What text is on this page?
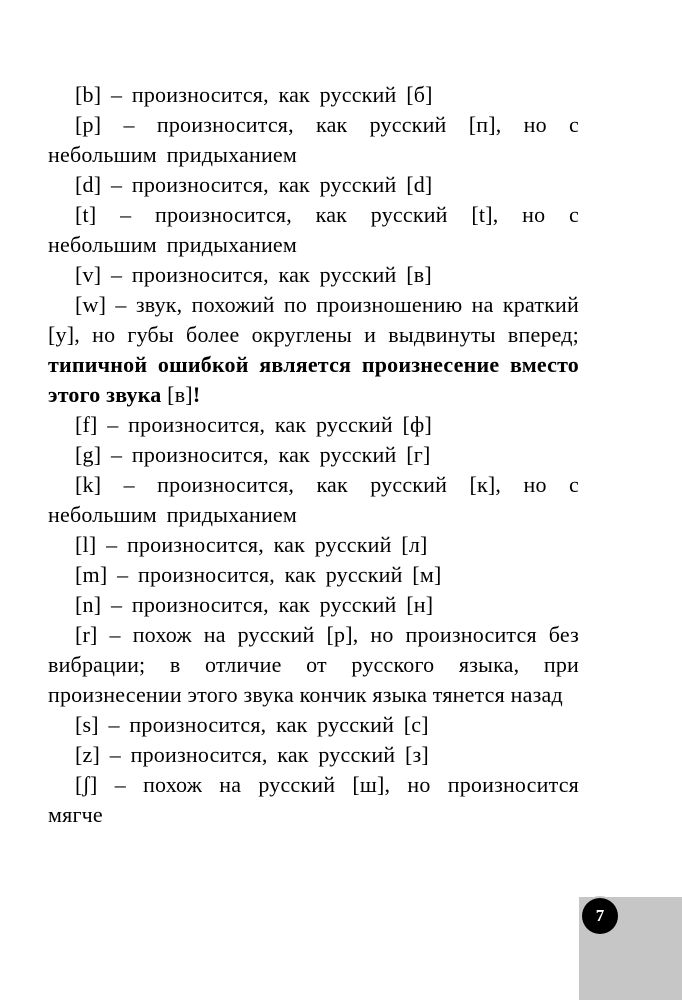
[b] – произносится, как русский [б]

[p] – произносится, как русский [п], но с небольшим придыханием

[d] – произносится, как русский [d]

[t] – произносится, как русский [t], но с небольшим придыханием

[v] – произносится, как русский [в]

[w] – звук, похожий по произношению на краткий [у], но губы более округлены и выдвинуты вперед; типичной ошибкой является произнесение вместо этого звука [в]!

[f] – произносится, как русский [ф]

[g] – произносится, как русский [г]

[k] – произносится, как русский [к], но с небольшим придыханием

[l] – произносится, как русский [л]

[m] – произносится, как русский [м]

[n] – произносится, как русский [н]

[r] – похож на русский [р], но произносится без вибрации; в отличие от русского языка, при произнесении этого звука кончик языка тянется назад

[s] – произносится, как русский [с]

[z] – произносится, как русский [з]

[ʃ] – похож на русский [ш], но произносится мягче

7
